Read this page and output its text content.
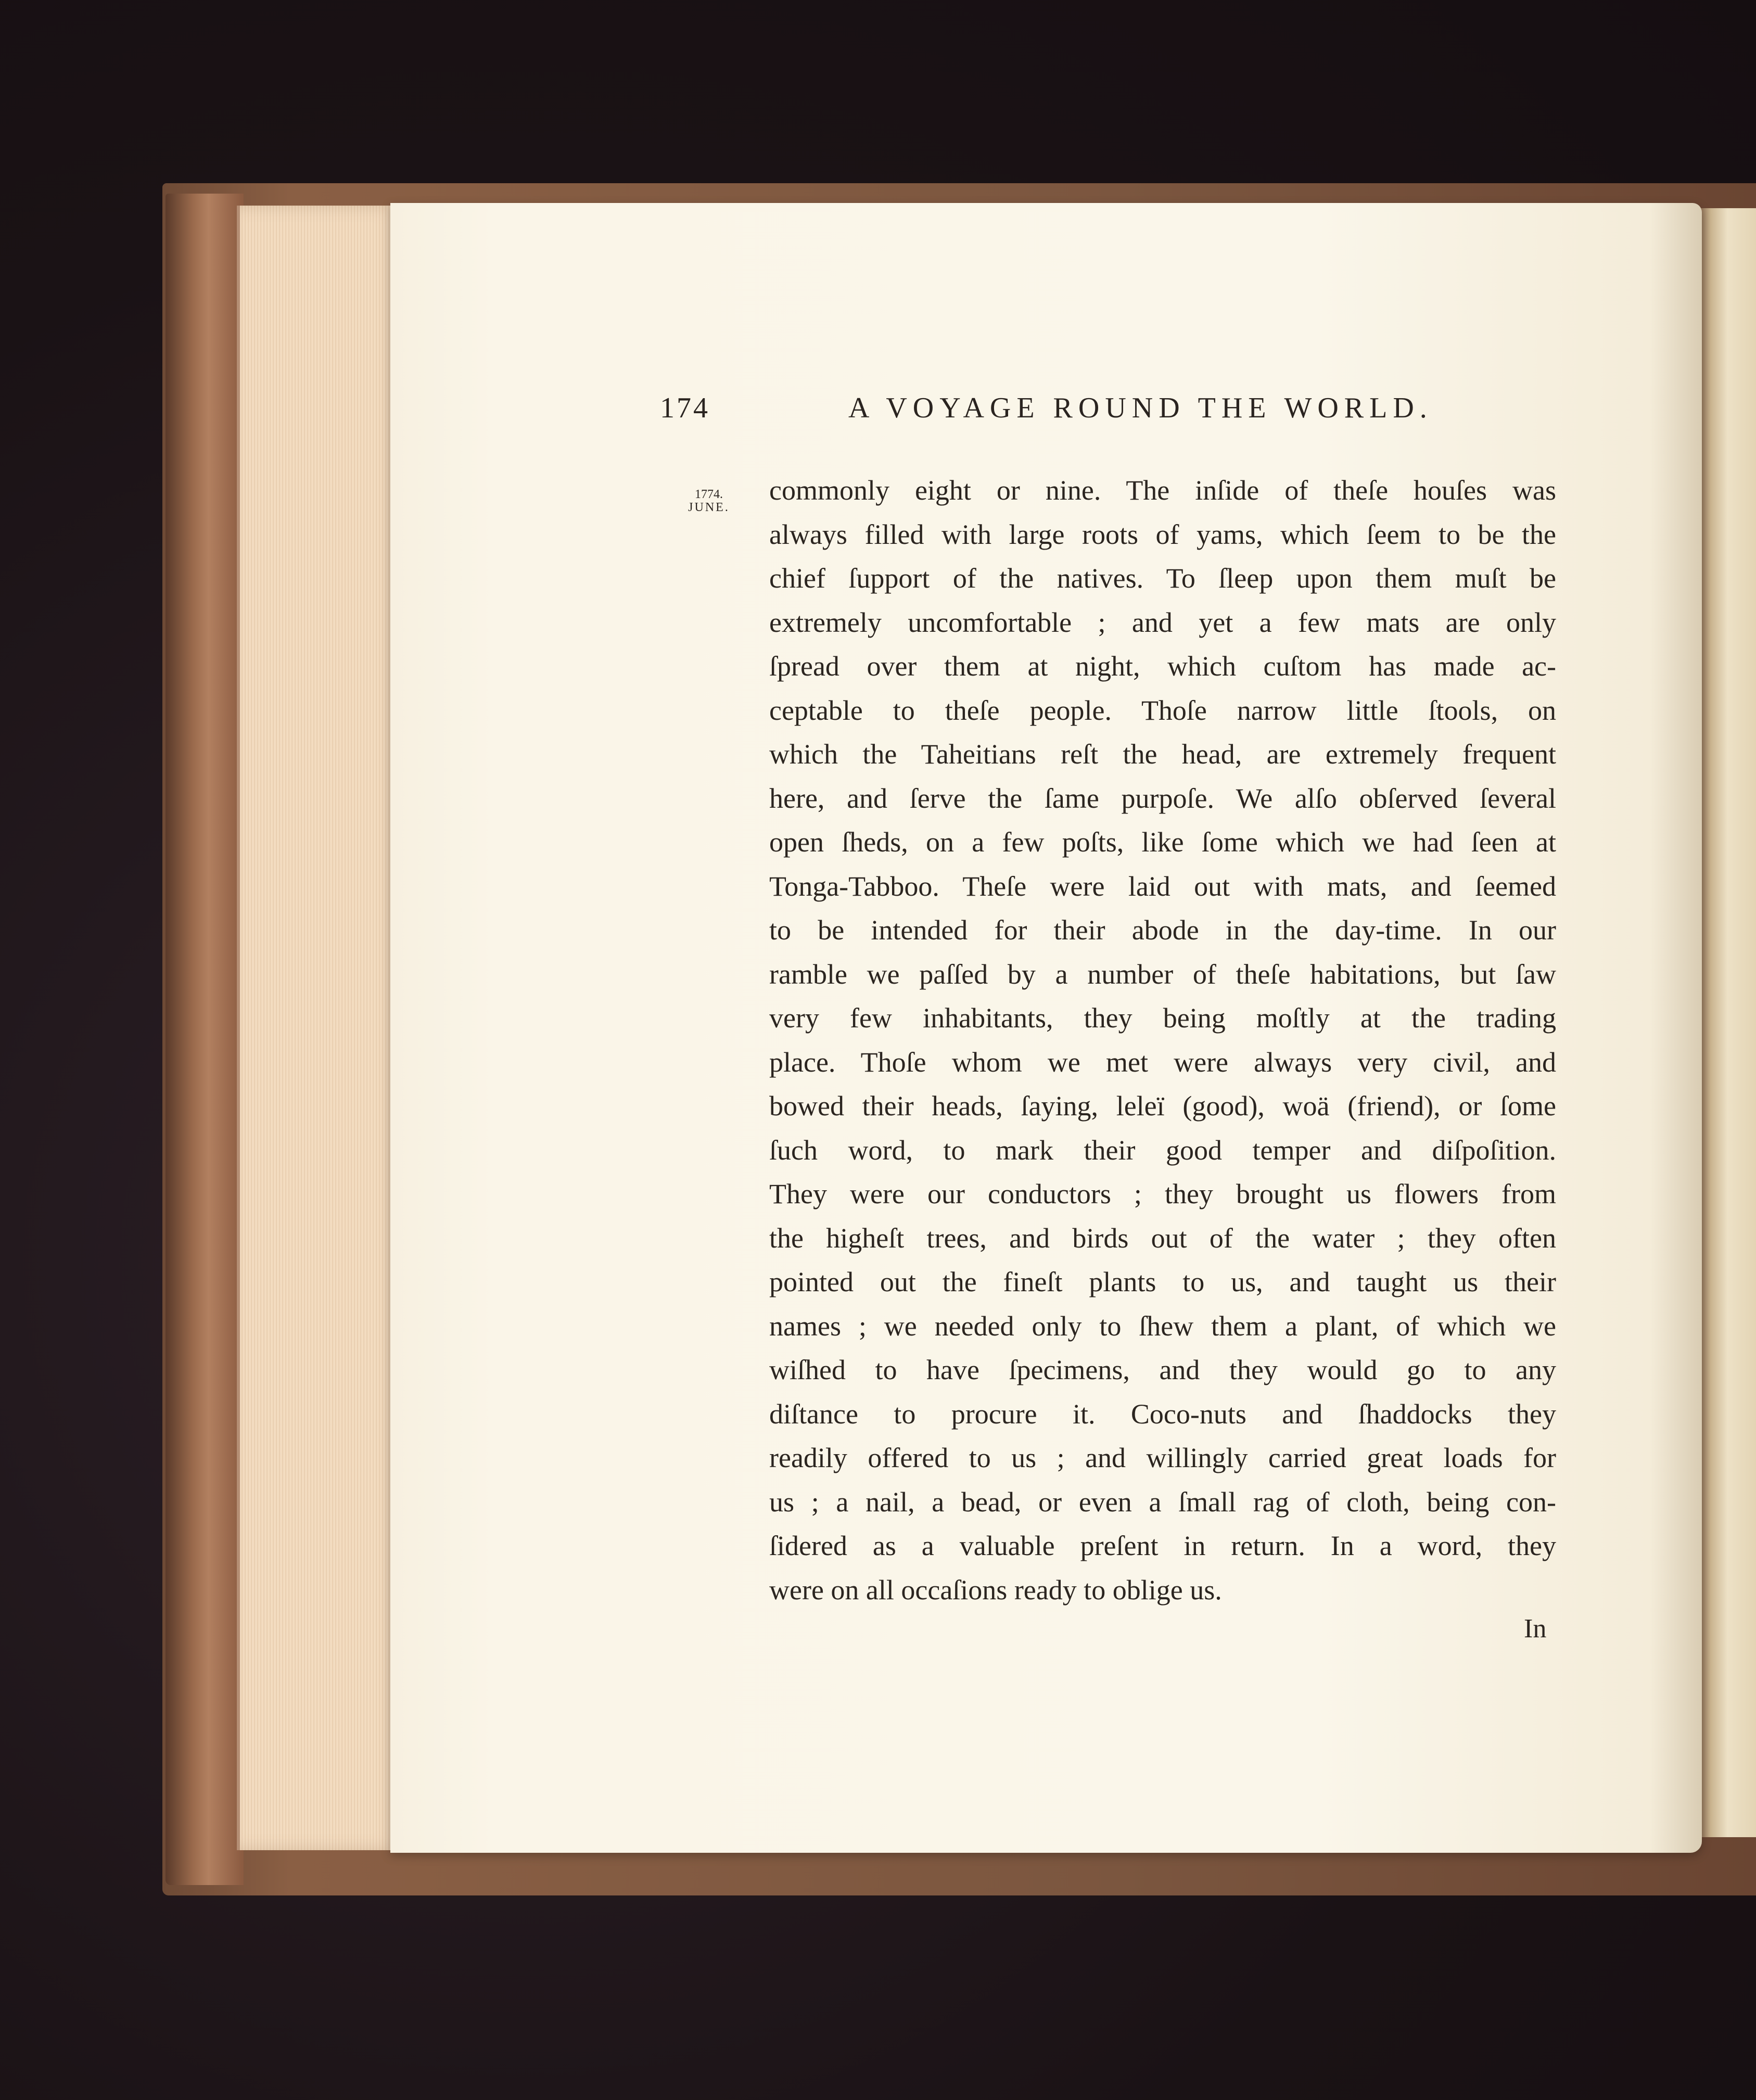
174	A VOYAGE ROUND THE WORLD.
1774.
JUNE.
commonly eight or nine. The inſide of theſe houſes was
always filled with large roots of yams, which ſeem to be the
chief ſupport of the natives. To ſleep upon them muſt be
extremely uncomfortable ; and yet a few mats are only
ſpread over them at night, which cuſtom has made ac-
ceptable to theſe people. Thoſe narrow little ſtools, on
which the Taheitians reſt the head, are extremely frequent
here, and ſerve the ſame purpoſe. We alſo obſerved ſeveral
open ſheds, on a few poſts, like ſome which we had ſeen at
Tonga-Tabboo. Theſe were laid out with mats, and ſeemed
to be intended for their abode in the day-time. In our
ramble we paſſed by a number of theſe habitations, but ſaw
very few inhabitants, they being moſtly at the trading
place. Thoſe whom we met were always very civil, and
bowed their heads, ſaying, leleï (good), woä (friend), or ſome
ſuch word, to mark their good temper and diſpoſition.
They were our conductors ; they brought us flowers from
the higheſt trees, and birds out of the water ; they often
pointed out the fineſt plants to us, and taught us their
names ; we needed only to ſhew them a plant, of which we
wiſhed to have ſpecimens, and they would go to any
diſtance to procure it. Coco-nuts and ſhaddocks they
readily offered to us ; and willingly carried great loads for
us ; a nail, a bead, or even a ſmall rag of cloth, being con-
ſidered as a valuable preſent in return. In a word, they
were on all occaſions ready to oblige us.
In
